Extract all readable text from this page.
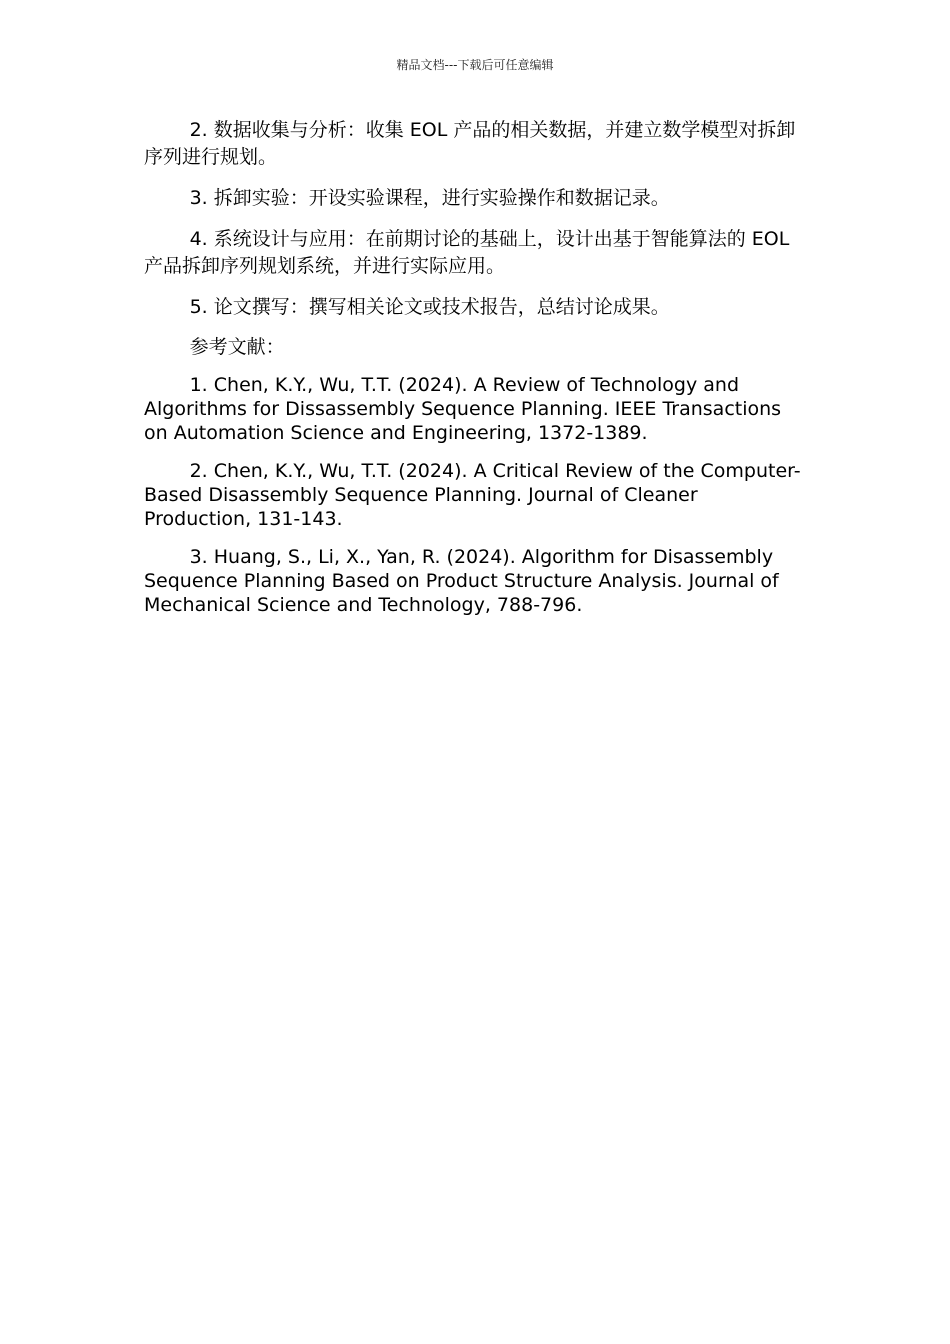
精品文档---下载后可任意编辑

2. 数据收集与分析：收集 EOL 产品的相关数据，并建立数学模型对拆卸序列进行规划。

3. 拆卸实验：开设实验课程，进行实验操作和数据记录。

4. 系统设计与应用：在前期讨论的基础上，设计出基于智能算法的 EOL 产品拆卸序列规划系统，并进行实际应用。

5. 论文撰写：撰写相关论文或技术报告，总结讨论成果。

参考文献：

1. Chen, K.Y., Wu, T.T. (2024). A Review of Technology and Algorithms for Dissassembly Sequence Planning. IEEE Transactions on Automation Science and Engineering, 1372-1389.

2. Chen, K.Y., Wu, T.T. (2024). A Critical Review of the Computer-Based Disassembly Sequence Planning. Journal of Cleaner Production, 131-143.

3. Huang, S., Li, X., Yan, R. (2024). Algorithm for Disassembly Sequence Planning Based on Product Structure Analysis. Journal of Mechanical Science and Technology, 788-796.
